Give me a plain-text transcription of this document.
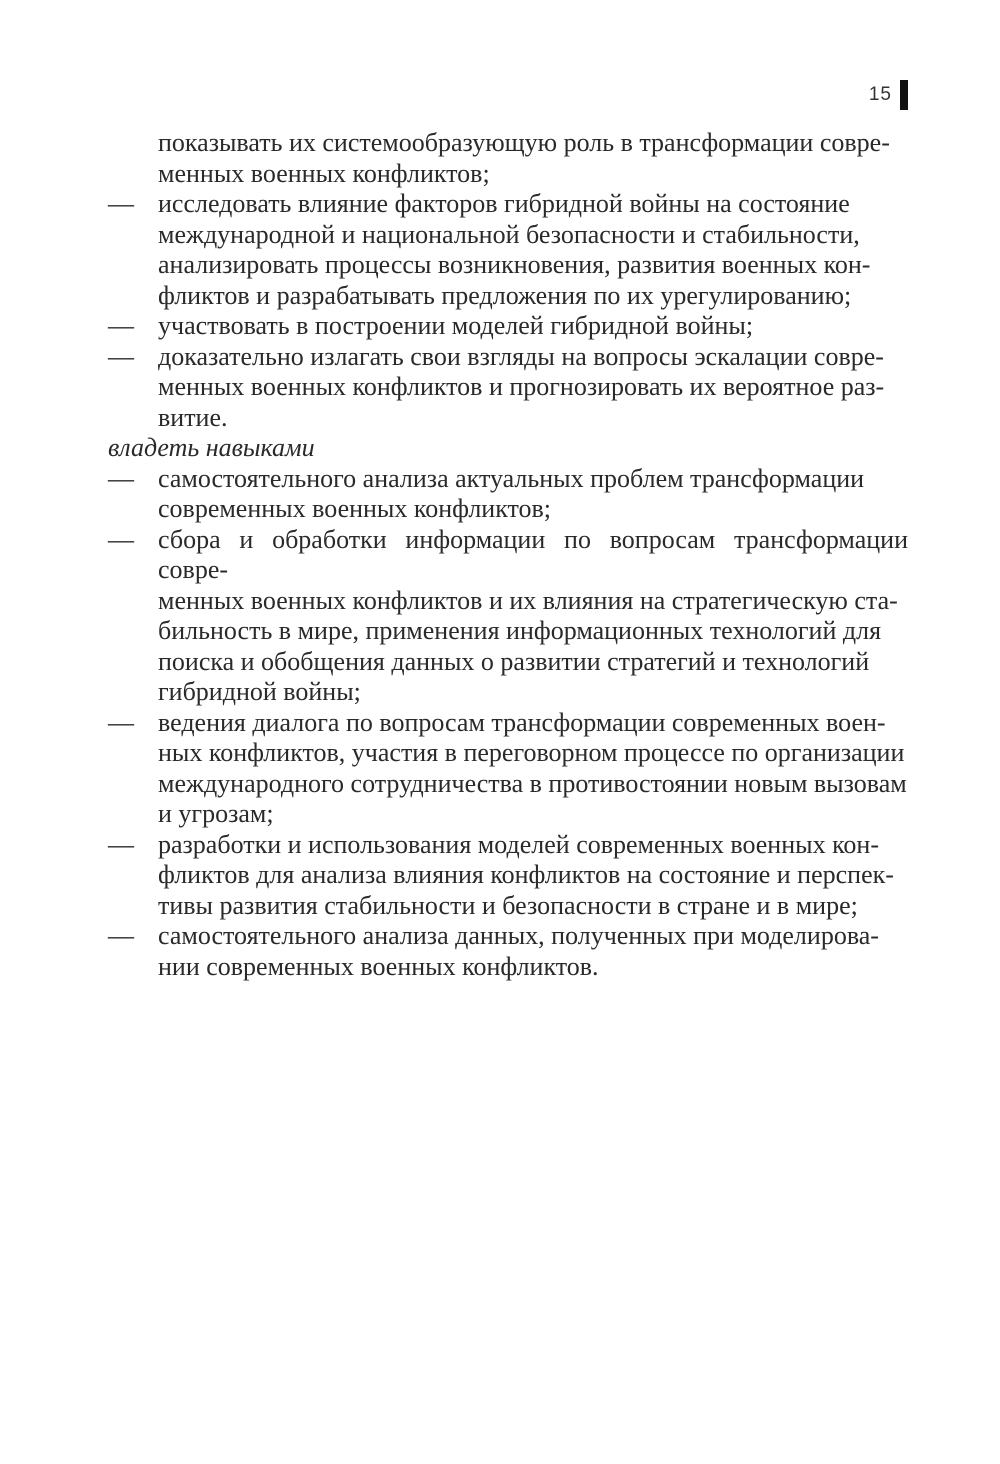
15
показывать их системообразующую роль в трансформации совре-
менных военных конфликтов;
— исследовать влияние факторов гибридной войны на состояние
международной и национальной безопасности и стабильности,
анализировать процессы возникновения, развития военных кон-
фликтов и разрабатывать предложения по их урегулированию;
— участвовать в построении моделей гибридной войны;
— доказательно излагать свои взгляды на вопросы эскалации совре-
менных военных конфликтов и прогнозировать их вероятное раз-
витие.
владеть навыками
— самостоятельного анализа актуальных проблем трансформации
современных военных конфликтов;
— сбора и обработки информации по вопросам трансформации совре-
менных военных конфликтов и их влияния на стратегическую ста-
бильность в мире, применения информационных технологий для
поиска и обобщения данных о развитии стратегий и технологий
гибридной войны;
— ведения диалога по вопросам трансформации современных воен-
ных конфликтов, участия в переговорном процессе по организации
международного сотрудничества в противостоянии новым вызовам
и угрозам;
— разработки и использования моделей современных военных кон-
фликтов для анализа влияния конфликтов на состояние и перспек-
тивы развития стабильности и безопасности в стране и в мире;
— самостоятельного анализа данных, полученных при моделирова-
нии современных военных конфликтов.
